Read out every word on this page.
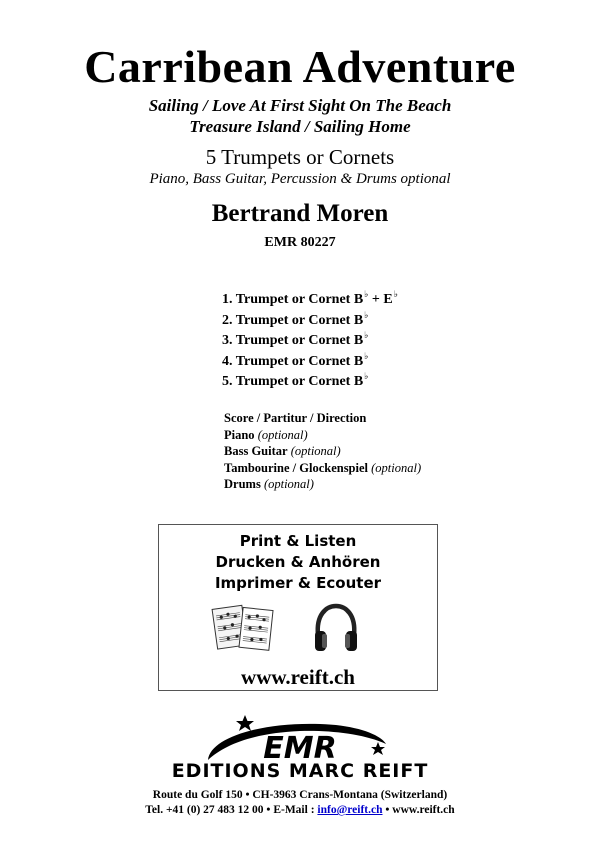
Carribean Adventure
Sailing / Love At First Sight On The Beach
Treasure Island / Sailing Home
5 Trumpets or Cornets
Piano, Bass Guitar, Percussion & Drums optional
Bertrand Moren
EMR 80227
1. Trumpet or Cornet B♭ + E♭
2. Trumpet or Cornet B♭
3. Trumpet or Cornet B♭
4. Trumpet or Cornet B♭
5. Trumpet or Cornet B♭
Score / Partitur / Direction
Piano (optional)
Bass Guitar (optional)
Tambourine / Glockenspiel (optional)
Drums (optional)
Print & Listen
Drucken & Anhören
Imprimer & Ecouter
www.reift.ch
EMR
EDITIONS MARC REIFT
Route du Golf 150 • CH-3963 Crans-Montana (Switzerland)
Tel. +41 (0) 27 483 12 00 • E-Mail : info@reift.ch • www.reift.ch
